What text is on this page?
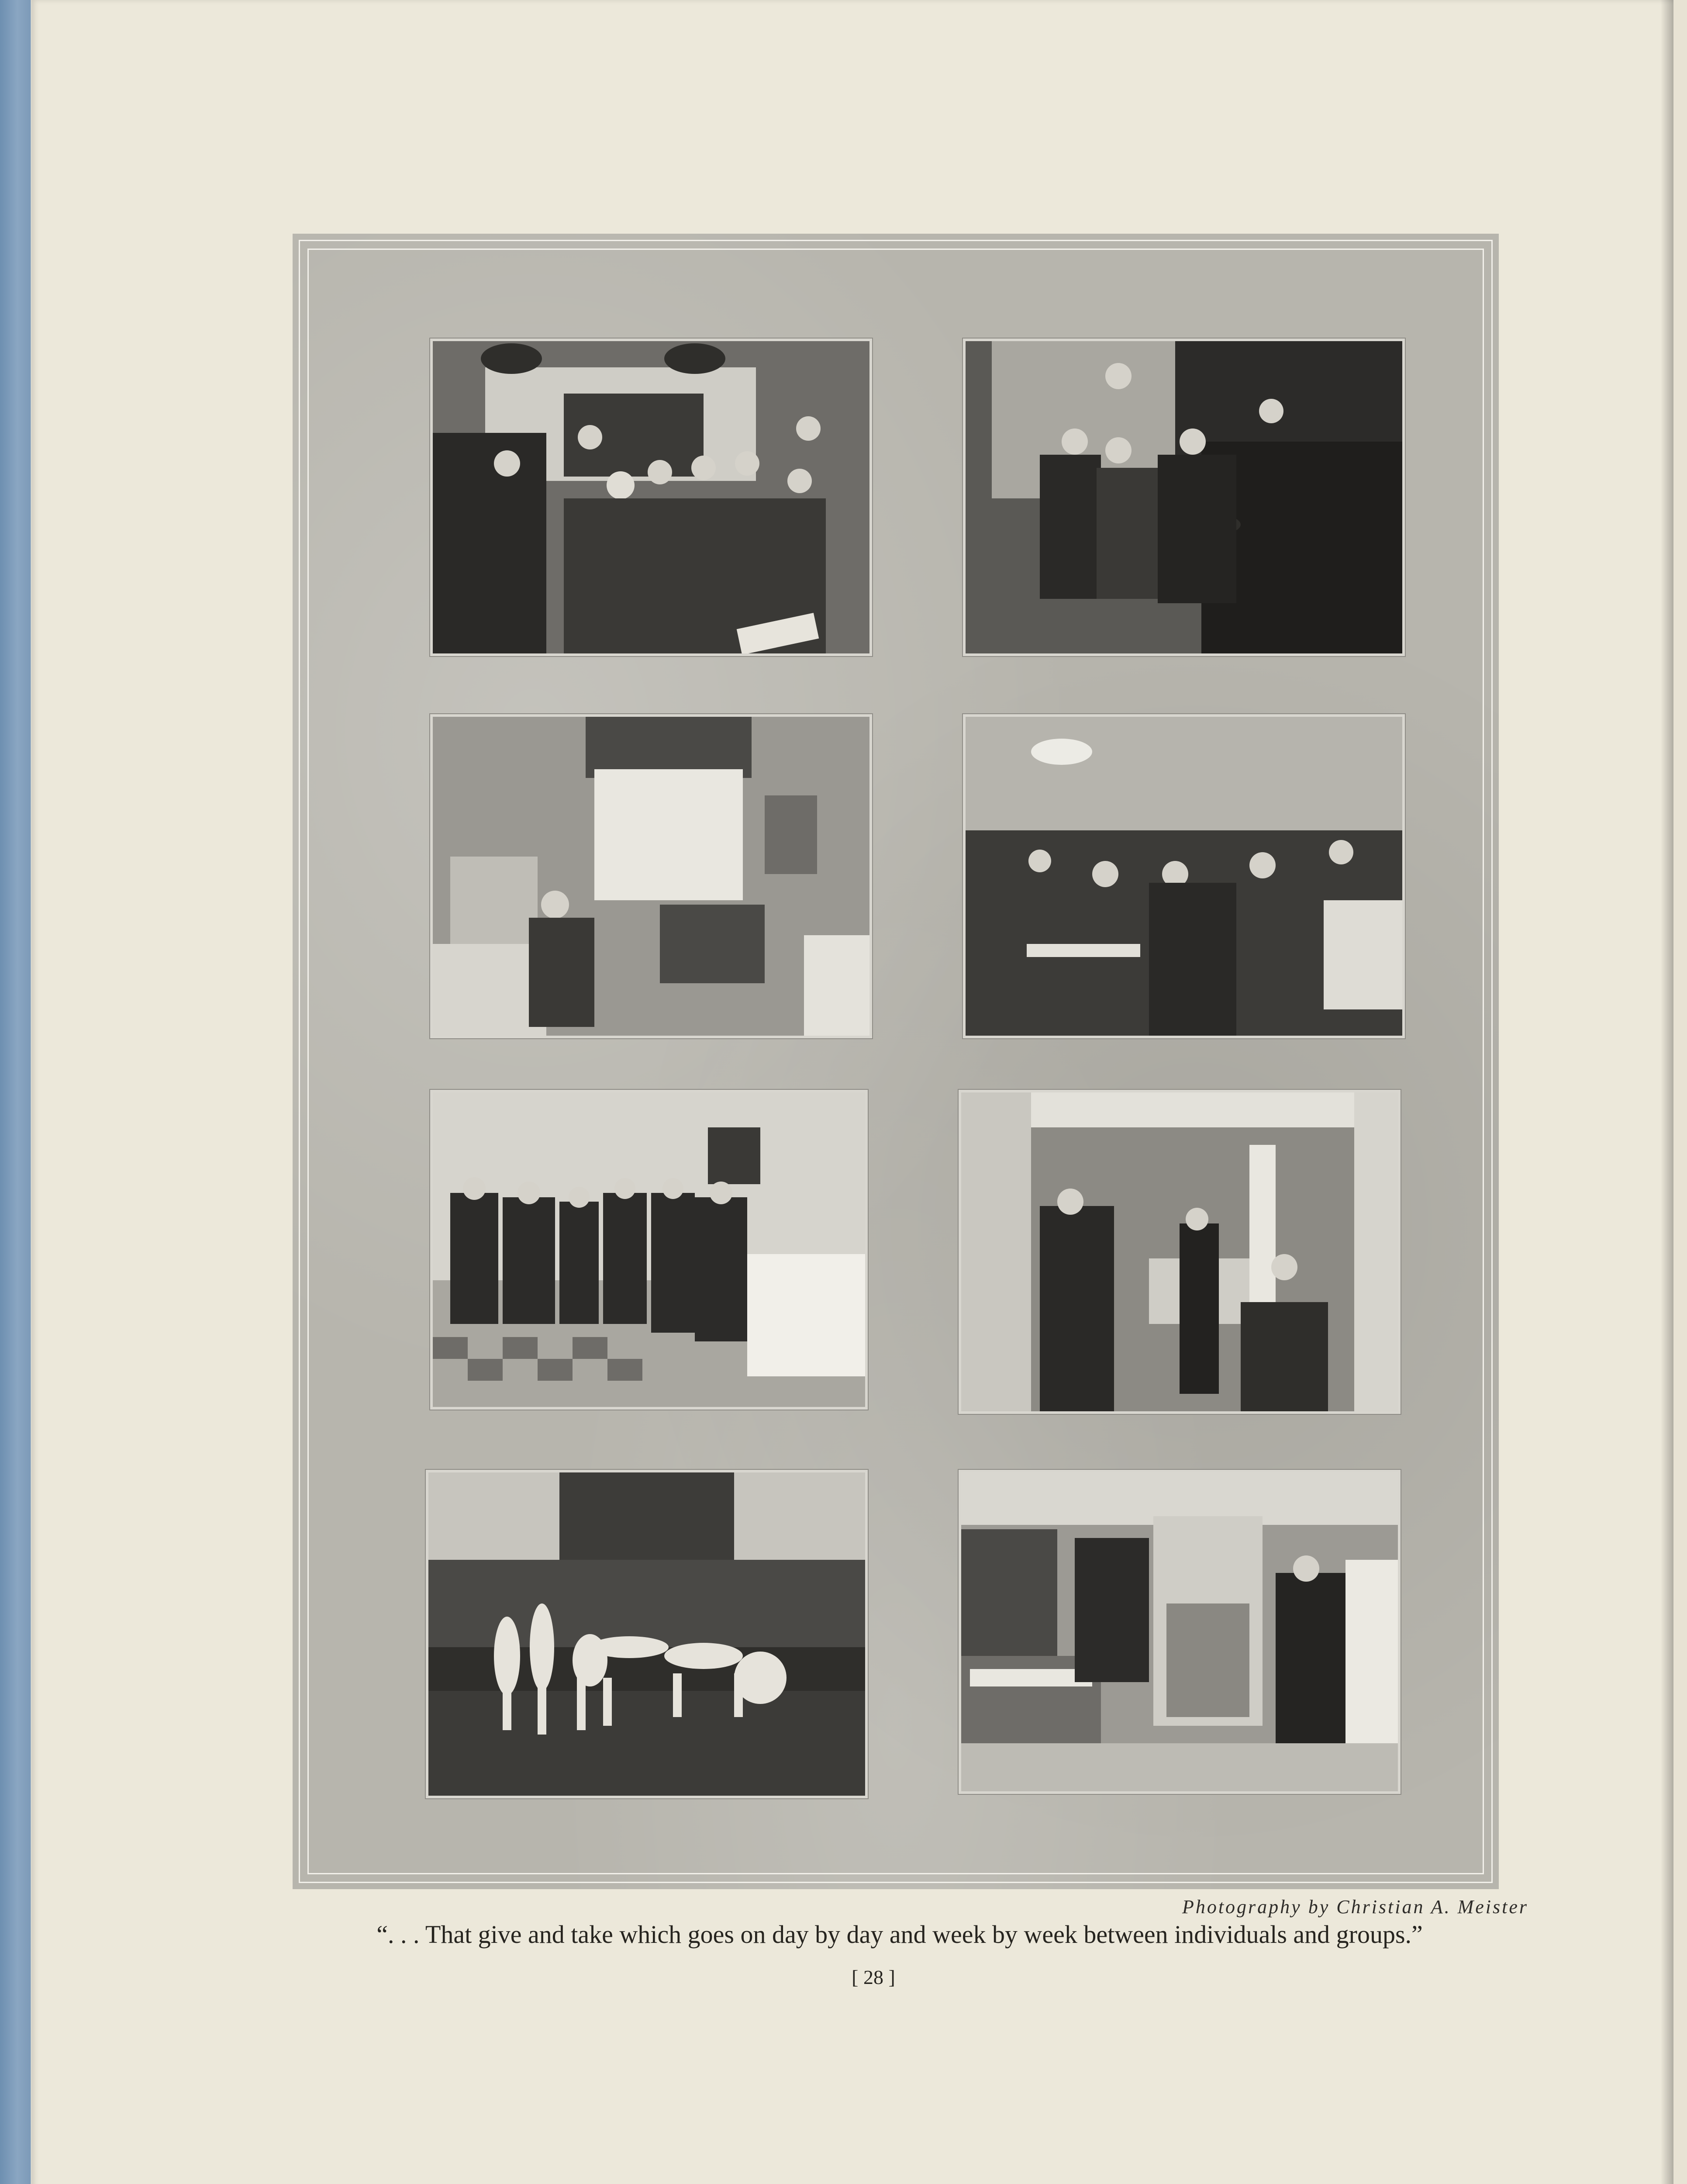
Photography by Christian A. Meister
“. . . That give and take which goes on day by day and week by week between individuals and groups.”
[ 28 ]
